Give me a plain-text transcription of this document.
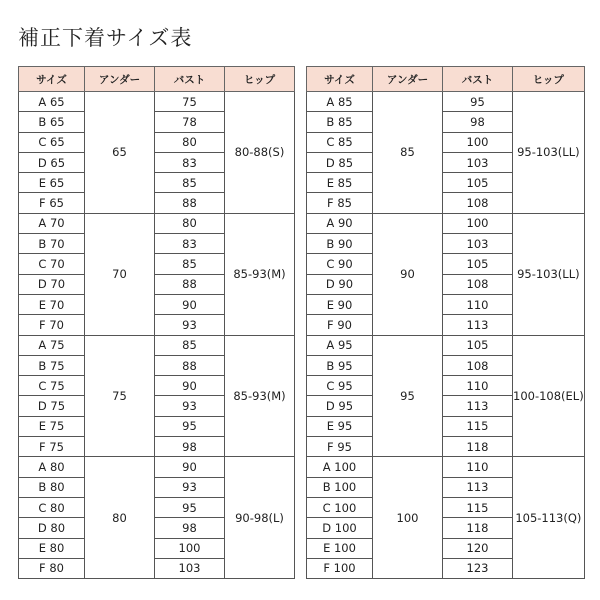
補正下着サイズ表
サイズ	アンダー	バスト	ヒップ
A 65	65	75	80-88(S)
B 65		78	
C 65		80	
D 65		83	
E 65		85	
F 65		88	
A 70	70	80	85-93(M)
B 70		83	
C 70		85	
D 70		88	
E 70		90	
F 70		93	
A 75	75	85	85-93(M)
B 75		88	
C 75		90	
D 75		93	
E 75		95	
F 75		98	
A 80	80	90	90-98(L)
B 80		93	
C 80		95	
D 80		98	
E 80		100	
F 80		103	
サイズ	アンダー	バスト	ヒップ
A 85	85	95	95-103(LL)
B 85		98	
C 85		100	
D 85		103	
E 85		105	
F 85		108	
A 90	90	100	95-103(LL)
B 90		103	
C 90		105	
D 90		108	
E 90		110	
F 90		113	
A 95	95	105	100-108(EL)
B 95		108	
C 95		110	
D 95		113	
E 95		115	
F 95		118	
A 100	100	110	105-113(Q)
B 100		113	
C 100		115	
D 100		118	
E 100		120	
F 100		123	
